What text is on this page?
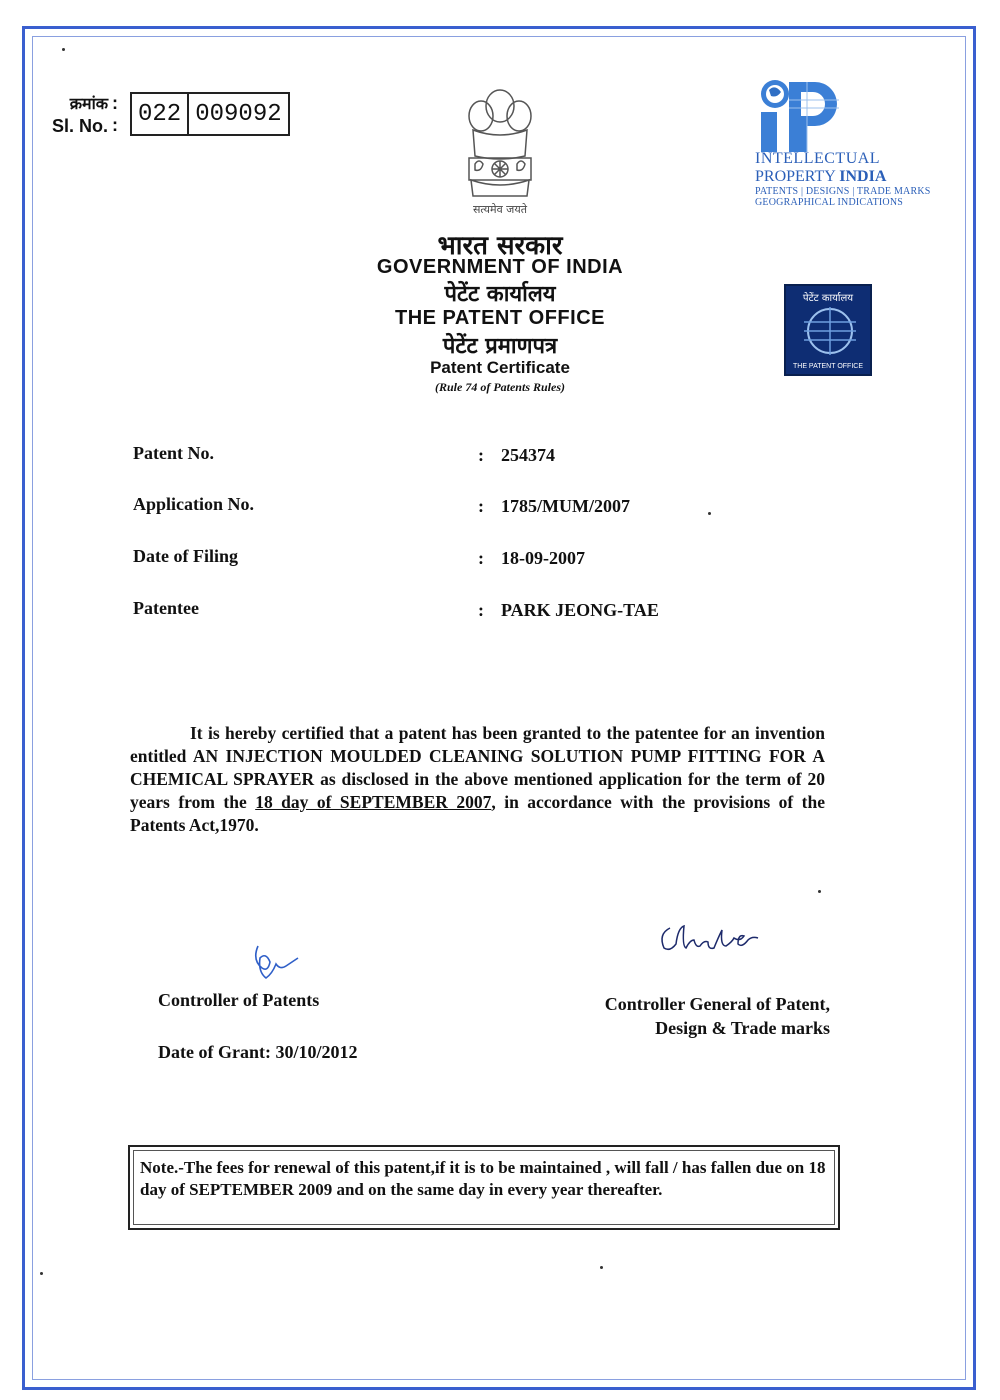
क्रमांक
Sl. No.:
: 022 009092
सत्यमेव जयते
INTELLECTUAL
PROPERTY INDIA
PATENTS | DESIGNS | TRADE MARKS
GEOGRAPHICAL INDICATIONS
पेटेंट कार्यालय
THE PATENT OFFICE
भारत सरकार
GOVERNMENT OF INDIA
पेटेंट कार्यालय
THE PATENT OFFICE
पेटेंट प्रमाणपत्र
Patent Certificate
(Rule 74 of Patents Rules)
Patent No.	: 254374
Application No.	: 1785/MUM/2007
Date of Filing	: 18-09-2007
Patentee	: PARK JEONG-TAE
It is hereby certified that a patent has been granted to the patentee for an invention entitled AN INJECTION MOULDED CLEANING SOLUTION PUMP FITTING FOR A CHEMICAL SPRAYER as disclosed in the above mentioned application for the term of 20 years from the 18 day of SEPTEMBER 2007, in accordance with the provisions of the Patents Act,1970.
Controller of Patents	Controller General of Patent,
Design & Trade marks
Date of Grant: 30/10/2012
Note.-The fees for renewal of this patent,if it is to be maintained , will fall / has fallen due on 18 day of SEPTEMBER 2009 and on the same day in every year thereafter.
